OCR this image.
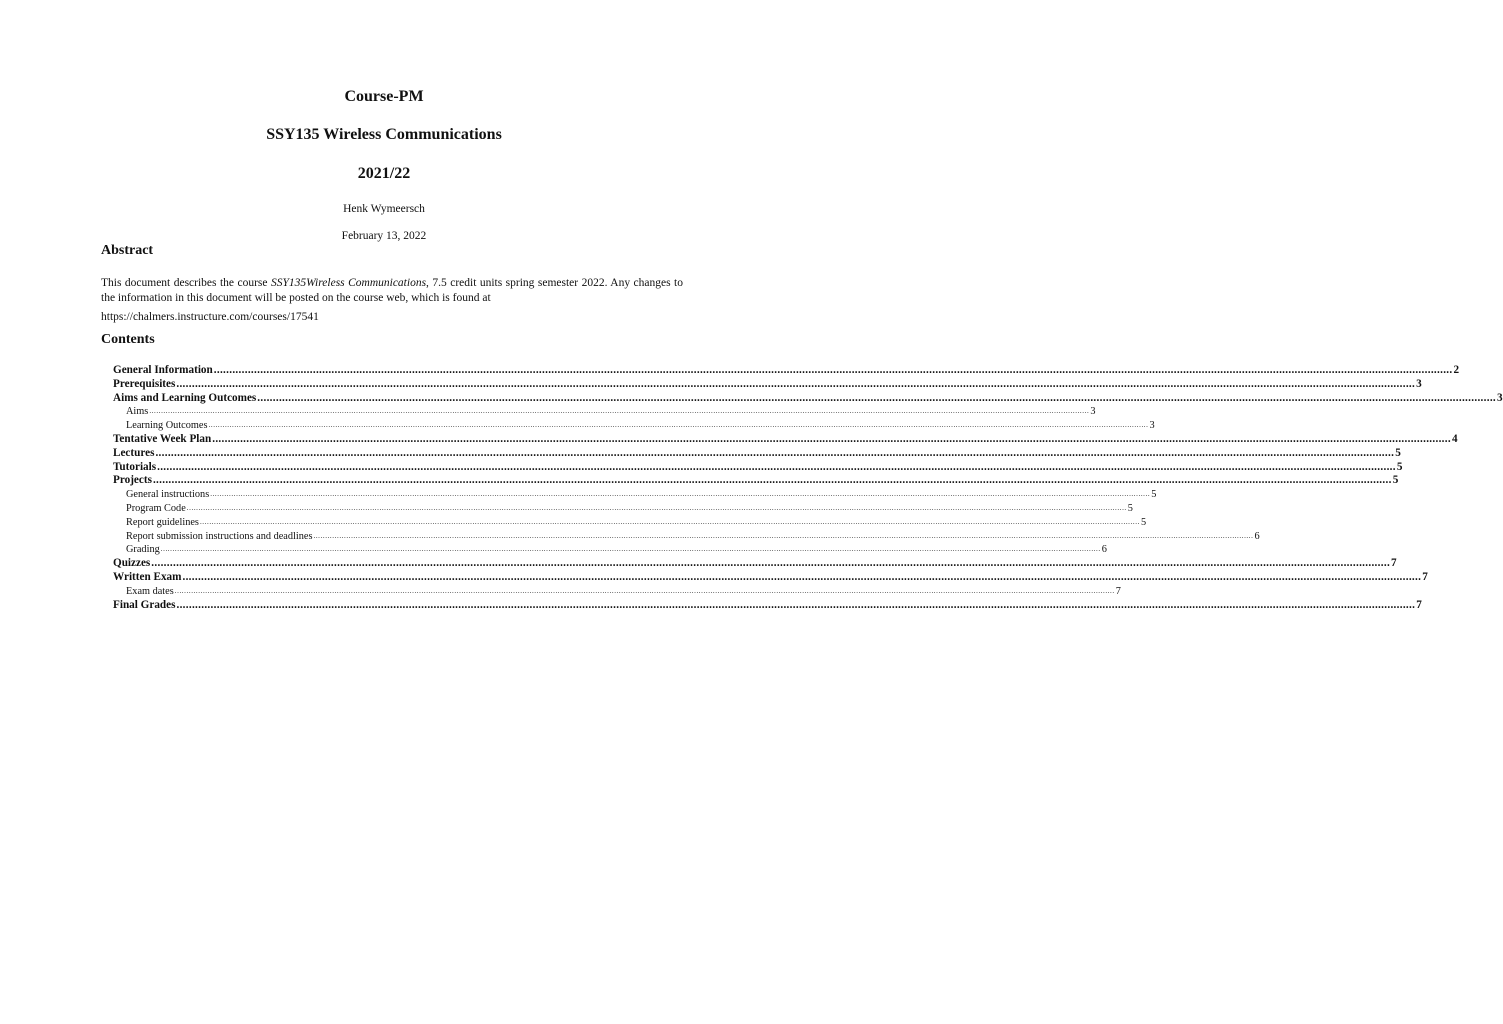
Course-PM
SSY135 Wireless Communications
2021/22

Henk Wymeersch

February 13, 2022

Abstract

This document describes the course SSY135Wireless Communications, 7.5 credit units spring semester 2022. Any changes to the information in this document will be posted on the course web, which is found at

https://chalmers.instructure.com/courses/17541

Contents
General Information ................................................................................................................................................................................................................................................................................................................................................................................................................ 2
Prerequisites ................................................................................................................................................................................................................................................................................................................................................................................................................ 3
Aims and Learning Outcomes ................................................................................................................................................................................................................................................................................................................................................................................................................ 3
Aims ................................................................................................................................................................................................................................................................................................................................................................................................................ 3
Learning Outcomes ................................................................................................................................................................................................................................................................................................................................................................................................................ 3
Tentative Week Plan ................................................................................................................................................................................................................................................................................................................................................................................................................ 4
Lectures ................................................................................................................................................................................................................................................................................................................................................................................................................ 5
Tutorials ................................................................................................................................................................................................................................................................................................................................................................................................................ 5
Projects ................................................................................................................................................................................................................................................................................................................................................................................................................ 5
General instructions ................................................................................................................................................................................................................................................................................................................................................................................................................ 5
Program Code ................................................................................................................................................................................................................................................................................................................................................................................................................ 5
Report guidelines ................................................................................................................................................................................................................................................................................................................................................................................................................ 5
Report submission instructions and deadlines ................................................................................................................................................................................................................................................................................................................................................................................................................ 6
Grading ................................................................................................................................................................................................................................................................................................................................................................................................................ 6
Quizzes ................................................................................................................................................................................................................................................................................................................................................................................................................ 7
Written Exam ................................................................................................................................................................................................................................................................................................................................................................................................................ 7
Exam dates ................................................................................................................................................................................................................................................................................................................................................................................................................ 7
Final Grades ................................................................................................................................................................................................................................................................................................................................................................................................................ 7
